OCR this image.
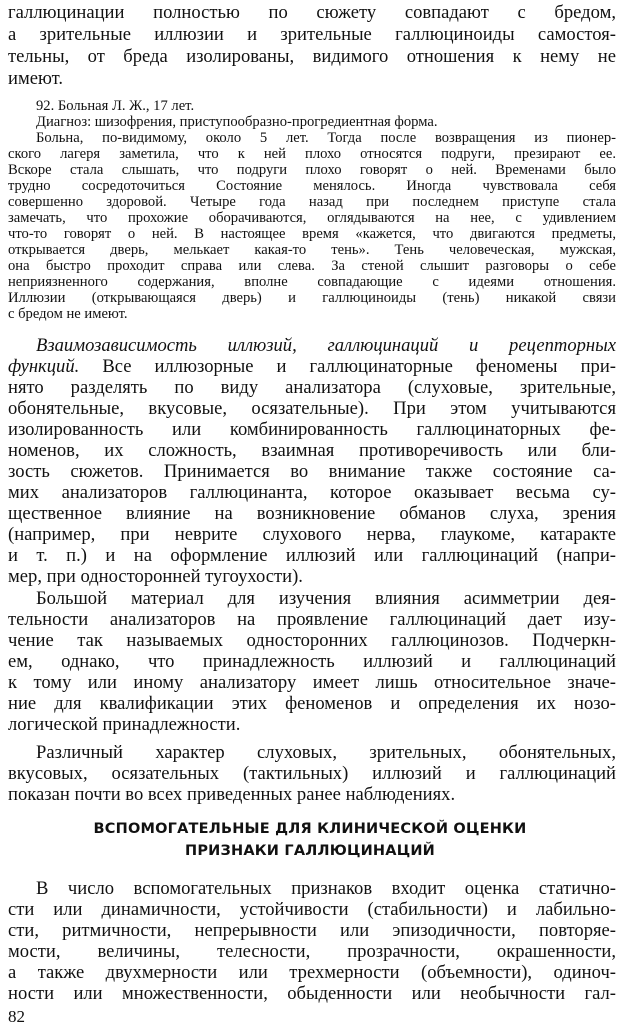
галлюцинации полностью по сюжету совпадают с бредом,
а зрительные иллюзии и зрительные галлюциноиды самостоя-
тельны, от бреда изолированы, видимого отношения к нему не
имеют.
92. Больная Л. Ж., 17 лет.
Диагноз: шизофрения, приступообразно-прогредиентная форма.
Больна, по-видимому, около 5 лет. Тогда после возвращения из пионер-
ского лагеря заметила, что к ней плохо относятся подруги, презирают ее.
Вскоре стала слышать, что подруги плохо говорят о ней. Временами было
трудно сосредоточиться Состояние менялось. Иногда чувствовала себя
совершенно здоровой. Четыре года назад при последнем приступе стала
замечать, что прохожие оборачиваются, оглядываются на нее, с удивлением
что-то говорят о ней. В настоящее время «кажется, что двигаются предметы,
открывается дверь, мелькает какая-то тень». Тень человеческая, мужская,
она быстро проходит справа или слева. За стеной слышит разговоры о себе
неприязненного содержания, вполне совпадающие с идеями отношения.
Иллюзии (открывающаяся дверь) и галлюциноиды (тень) никакой связи
с бредом не имеют.
Взаимозависимость иллюзий, галлюцинаций и рецепторных
функций. Все иллюзорные и галлюцинаторные феномены при-
нято разделять по виду анализатора (слуховые, зрительные,
обонятельные, вкусовые, осязательные). При этом учитываются
изолированность или комбинированность галлюцинаторных фе-
номенов, их сложность, взаимная противоречивость или бли-
зость сюжетов. Принимается во внимание также состояние са-
мих анализаторов галлюцинанта, которое оказывает весьма су-
щественное влияние на возникновение обманов слуха, зрения
(например, при неврите слухового нерва, глаукоме, катаракте
и т. п.) и на оформление иллюзий или галлюцинаций (напри-
мер, при односторонней тугоухости).
Большой материал для изучения влияния асимметрии дея-
тельности анализаторов на проявление галлюцинаций дает изу-
чение так называемых односторонних галлюцинозов. Подчеркн-
ем, однако, что принадлежность иллюзий и галлюцинаций
к тому или иному анализатору имеет лишь относительное значе-
ние для квалификации этих феноменов и определения их нозо-
логической принадлежности.
Различный характер слуховых, зрительных, обонятельных,
вкусовых, осязательных (тактильных) иллюзий и галлюцинаций
показан почти во всех приведенных ранее наблюдениях.
ВСПОМОГАТЕЛЬНЫЕ ДЛЯ КЛИНИЧЕСКОЙ ОЦЕНКИ
ПРИЗНАКИ ГАЛЛЮЦИНАЦИЙ
В число вспомогательных признаков входит оценка статично-
сти или динамичности, устойчивости (стабильности) и лабильно-
сти, ритмичности, непрерывности или эпизодичности, повторяе-
мости, величины, телесности, прозрачности, окрашенности,
а также двухмерности или трехмерности (объемности), одиноч-
ности или множественности, обыденности или необычности гал-
82
